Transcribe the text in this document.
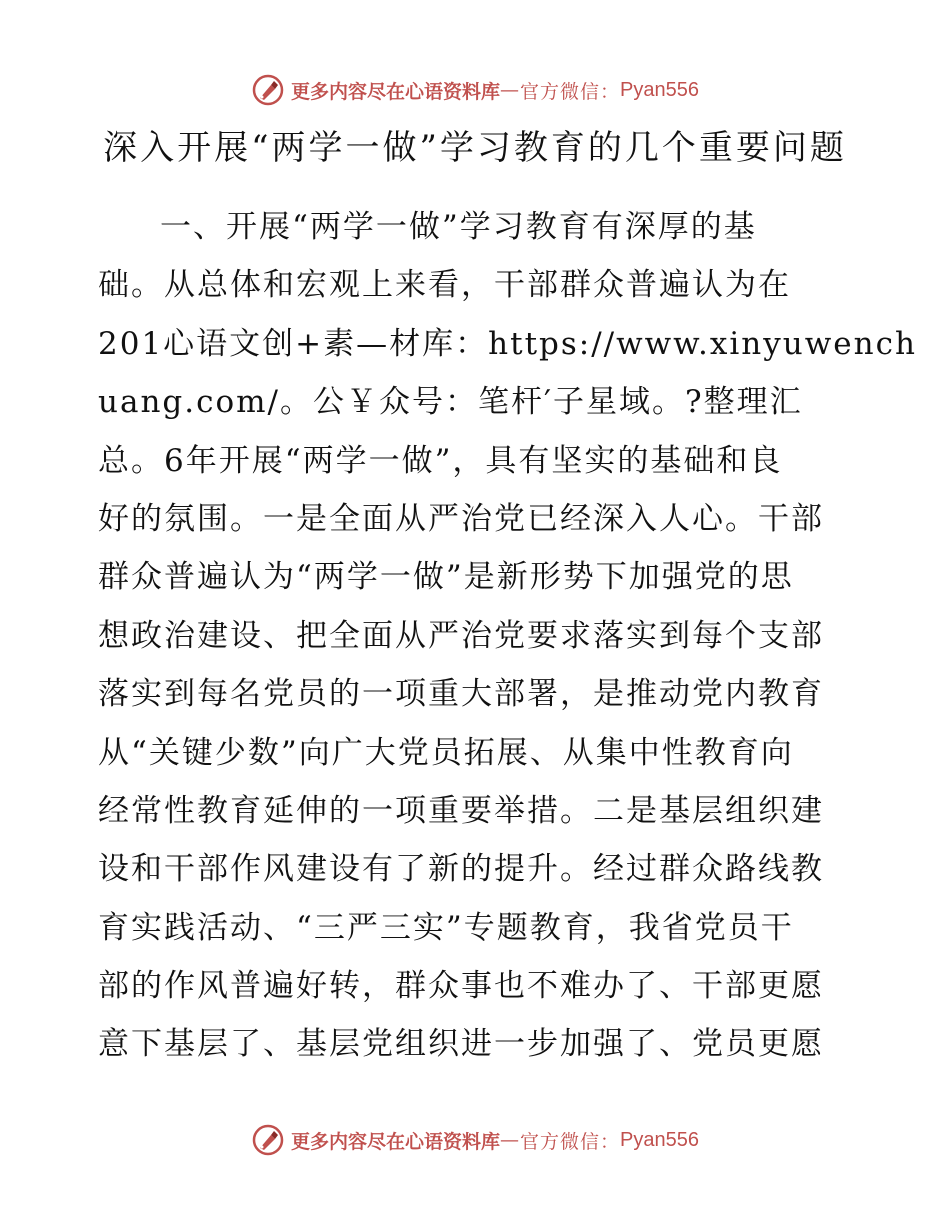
更多内容尽在心语资料库 — 官方微信： Pyan556
深入开展“两学一做”学习教育的几个重要问题
一、开展“两学一做”学习教育有深厚的基
础。从总体和宏观上来看，干部群众普遍认为在
201心语文创+素—材库：https://www.xinyuwench
uang.com/。公￥众号：笔杆′子星域。?整理汇
总。6年开展“两学一做”，具有坚实的基础和良
好的氛围。一是全面从严治党已经深入人心。干部
群众普遍认为“两学一做”是新形势下加强党的思
想政治建设、把全面从严治党要求落实到每个支部
落实到每名党员的一项重大部署，是推动党内教育
从“关键少数”向广大党员拓展、从集中性教育向
经常性教育延伸的一项重要举措。二是基层组织建
设和干部作风建设有了新的提升。经过群众路线教
育实践活动、“三严三实”专题教育，我省党员干
部的作风普遍好转，群众事也不难办了、干部更愿
意下基层了、基层党组织进一步加强了、党员更愿
更多内容尽在心语资料库 — 官方微信： Pyan556
